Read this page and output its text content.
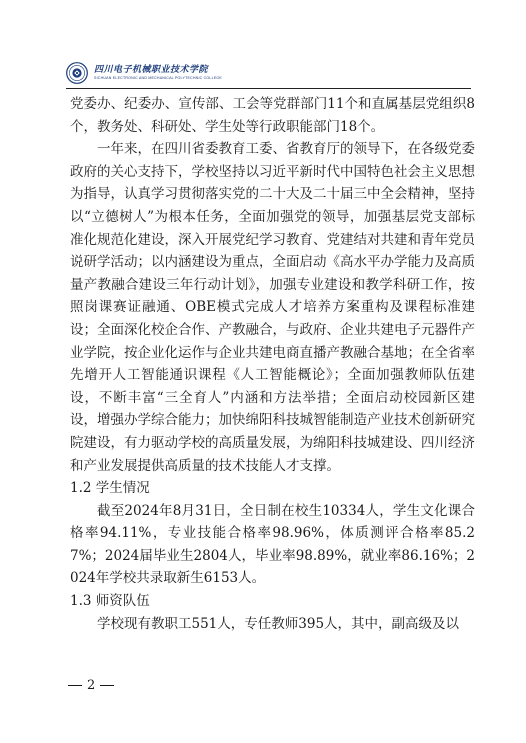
四川电子机械职业技术学院
SICHUAN ELECTRONIC AND MECHANICAL POLYTECHNIC COLLEGE

党委办、纪委办、宣传部、工会等党群部门11个和直属基层党组织8个，教务处、科研处、学生处等行政职能部门18个。

一年来，在四川省委教育工委、省教育厅的领导下，在各级党委政府的关心支持下，学校坚持以习近平新时代中国特色社会主义思想为指导，认真学习贯彻落实党的二十大及二十届三中全会精神，坚持以“立德树人”为根本任务，全面加强党的领导，加强基层党支部标准化规范化建设，深入开展党纪学习教育、党建结对共建和青年党员说研学活动；以内涵建设为重点，全面启动《高水平办学能力及高质量产教融合建设三年行动计划》，加强专业建设和教学科研工作，按照岗课赛证融通、OBE模式完成人才培养方案重构及课程标准建设；全面深化校企合作、产教融合，与政府、企业共建电子元器件产业学院，按企业化运作与企业共建电商直播产教融合基地；在全省率先增开人工智能通识课程《人工智能概论》；全面加强教师队伍建设，不断丰富“三全育人”内涵和方法举措；全面启动校园新区建设，增强办学综合能力；加快绵阳科技城智能制造产业技术创新研究院建设，有力驱动学校的高质量发展，为绵阳科技城建设、四川经济和产业发展提供高质量的技术技能人才支撑。

1.2 学生情况

截至2024年8月31日，全日制在校生10334人，学生文化课合格率94.11%，专业技能合格率98.96%，体质测评合格率85.27%；2024届毕业生2804人，毕业率98.89%，就业率86.16%；2024年学校共录取新生6153人。

1.3 师资队伍

学校现有教职工551人，专任教师395人，其中，副高级及以

2
